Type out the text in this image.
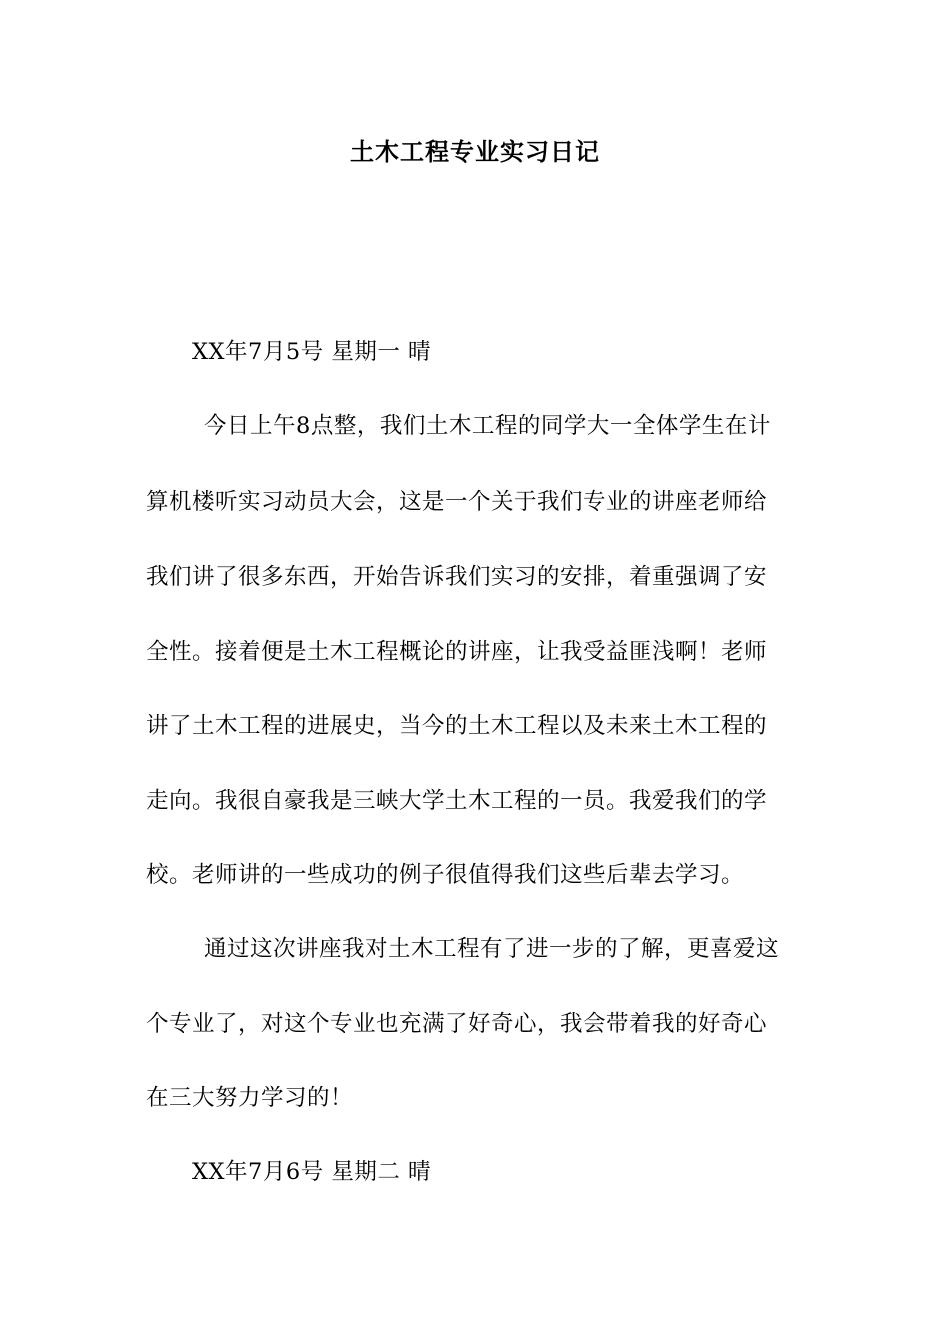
土木工程专业实习日记
XX年7月5号 星期一 晴
今日上午8点整，我们土木工程的同学大一全体学生在计
算机楼听实习动员大会，这是一个关于我们专业的讲座老师给
我们讲了很多东西，开始告诉我们实习的安排，着重强调了安
全性。接着便是土木工程概论的讲座，让我受益匪浅啊！老师
讲了土木工程的进展史，当今的土木工程以及未来土木工程的
走向。我很自豪我是三峡大学土木工程的一员。我爱我们的学
校。老师讲的一些成功的例子很值得我们这些后辈去学习。
通过这次讲座我对土木工程有了进一步的了解，更喜爱这
个专业了，对这个专业也充满了好奇心，我会带着我的好奇心
在三大努力学习的！
XX年7月6号 星期二 晴
